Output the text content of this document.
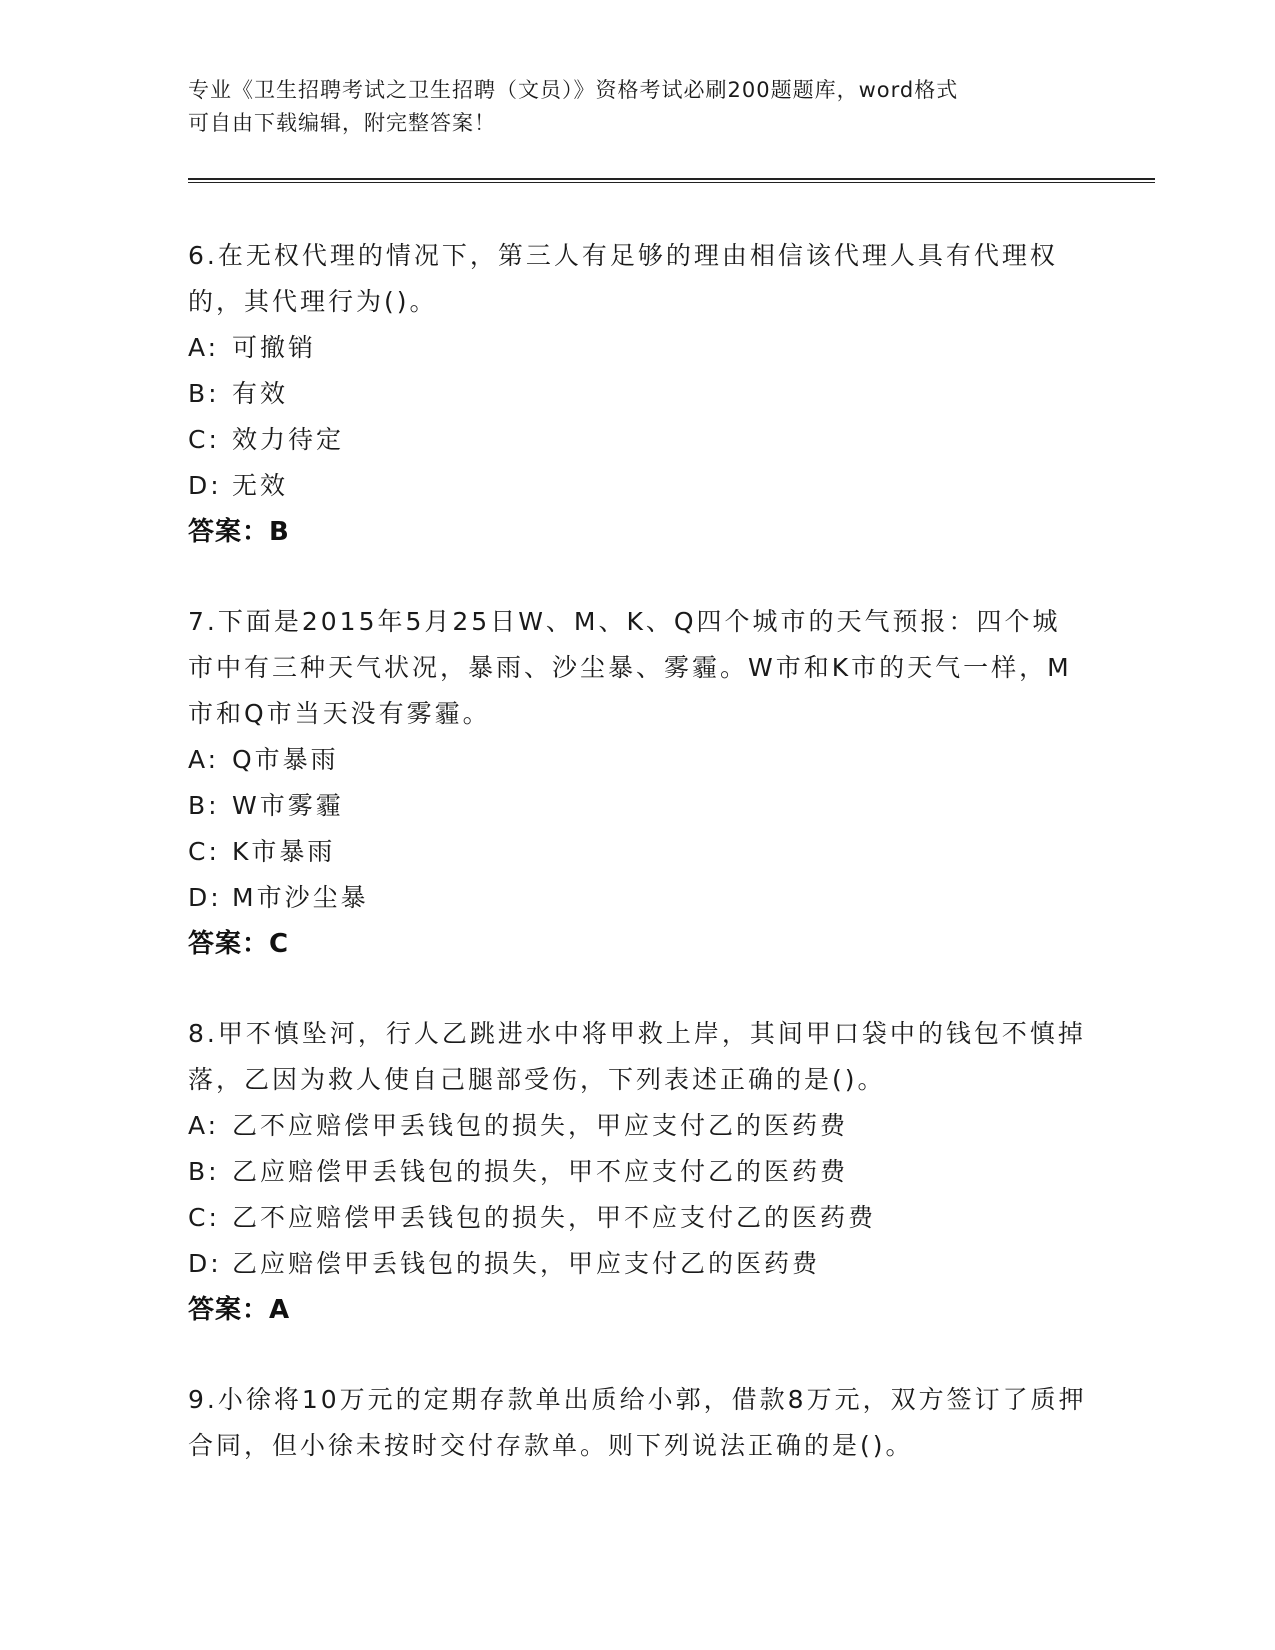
专业《卫生招聘考试之卫生招聘（文员）》资格考试必刷200题题库，word格式
可自由下载编辑，附完整答案！

6.在无权代理的情况下，第三人有足够的理由相信该代理人具有代理权的，其代理行为()。

A: 可撤销

B: 有效

C: 效力待定

D: 无效

答案：B

7.下面是2015年5月25日W、M、K、Q四个城市的天气预报：四个城市中有三种天气状况，暴雨、沙尘暴、雾霾。W市和K市的天气一样，M市和Q市当天没有雾霾。

A: Q市暴雨

B: W市雾霾

C: K市暴雨

D: M市沙尘暴

答案：C

8.甲不慎坠河，行人乙跳进水中将甲救上岸，其间甲口袋中的钱包不慎掉落，乙因为救人使自己腿部受伤，下列表述正确的是()。

A: 乙不应赔偿甲丢钱包的损失，甲应支付乙的医药费

B: 乙应赔偿甲丢钱包的损失，甲不应支付乙的医药费

C: 乙不应赔偿甲丢钱包的损失，甲不应支付乙的医药费

D: 乙应赔偿甲丢钱包的损失，甲应支付乙的医药费

答案：A

9.小徐将10万元的定期存款单出质给小郭，借款8万元，双方签订了质押合同，但小徐未按时交付存款单。则下列说法正确的是()。
